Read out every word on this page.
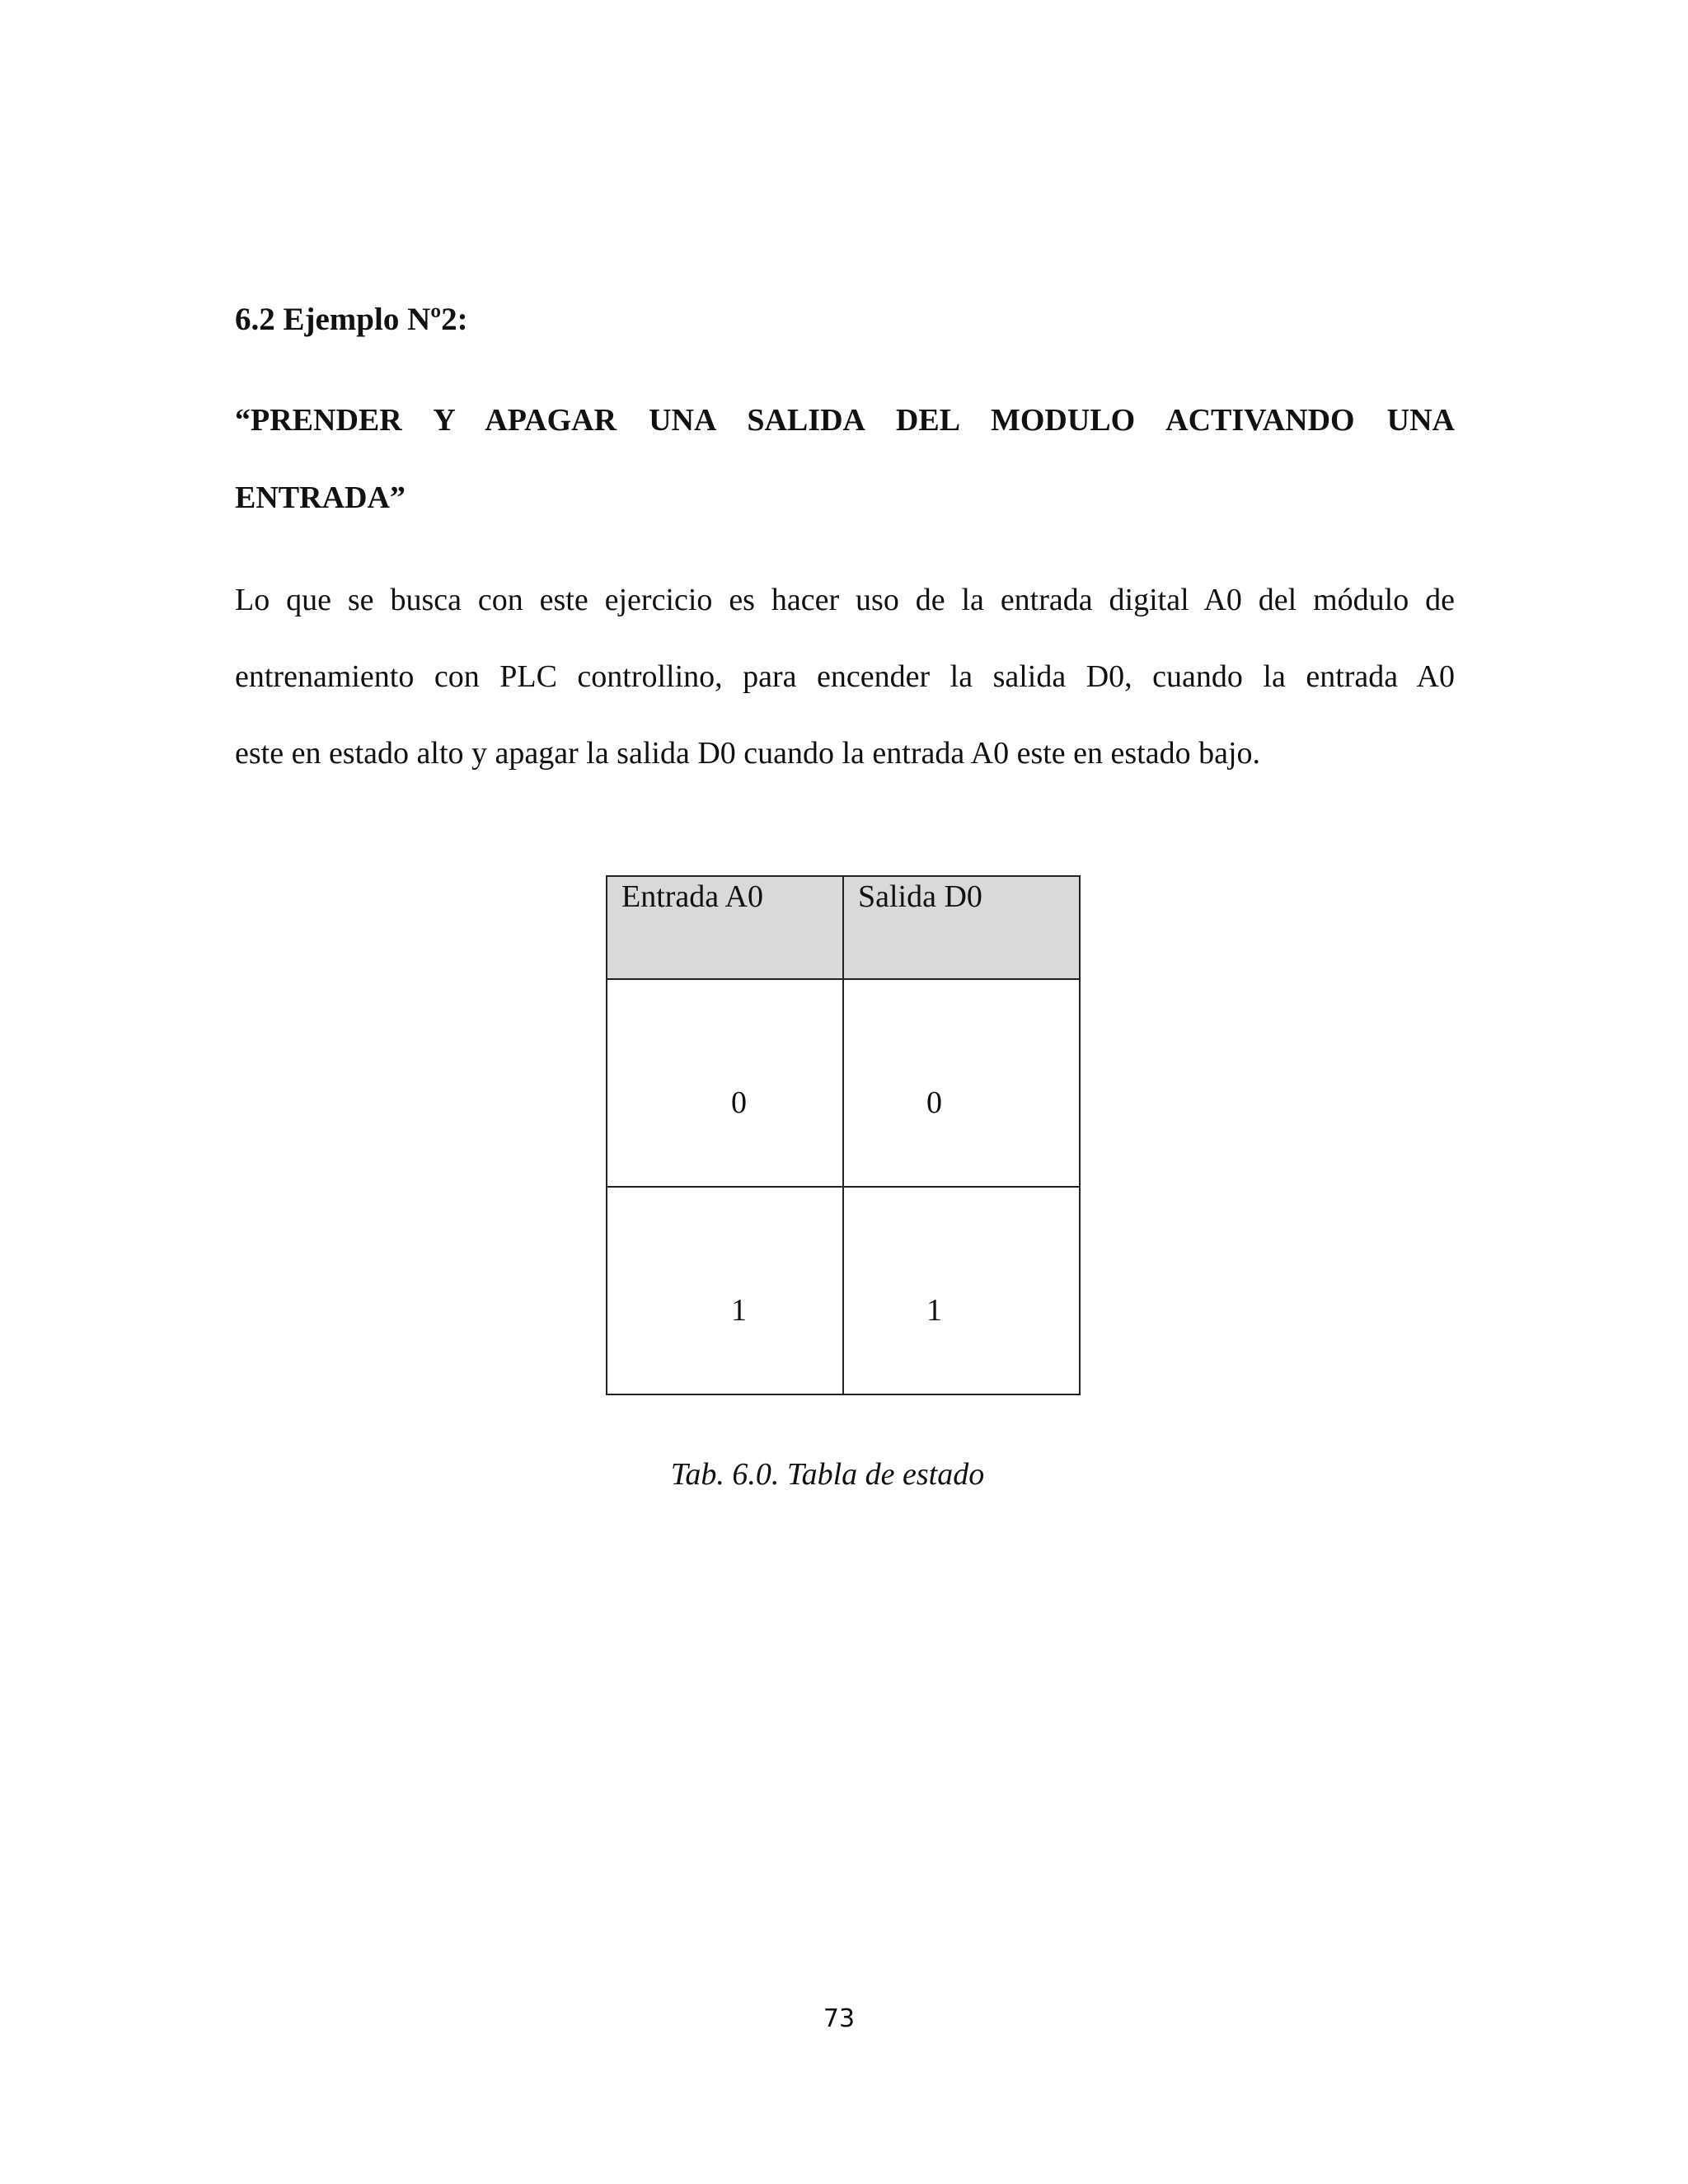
6.2 Ejemplo Nº2:
“PRENDER Y APAGAR UNA SALIDA DEL MODULO ACTIVANDO UNA
ENTRADA”
Lo que se busca con este ejercicio es hacer uso de la entrada digital A0 del módulo de
entrenamiento con PLC controllino, para encender la salida D0, cuando la entrada A0
este en estado alto y apagar la salida D0 cuando la entrada A0 este en estado bajo.
Entrada A0	Salida D0

0	0

1	1

Tab. 6.0. Tabla de estado

73
